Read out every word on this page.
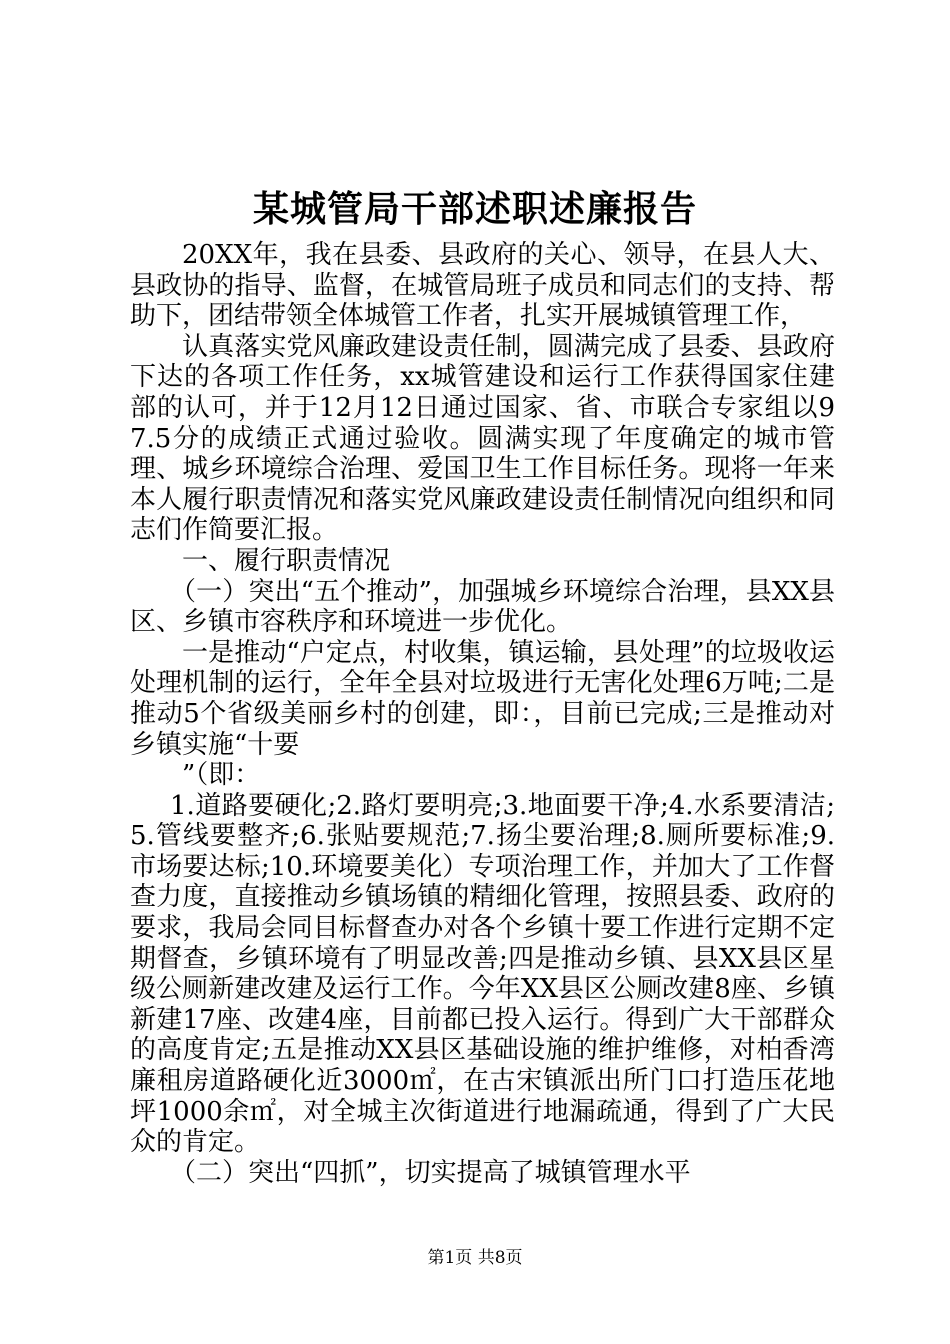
某城管局干部述职述廉报告

20XX年，我在县委、县政府的关心、领导，在县人大、县政协的指导、监督，在城管局班子成员和同志们的支持、帮助下，团结带领全体城管工作者，扎实开展城镇管理工作，

认真落实党风廉政建设责任制，圆满完成了县委、县政府下达的各项工作任务，xx城管建设和运行工作获得国家住建部的认可，并于12月12日通过国家、省、市联合专家组以97.5分的成绩正式通过验收。圆满实现了年度确定的城市管理、城乡环境综合治理、爱国卫生工作目标任务。现将一年来本人履行职责情况和落实党风廉政建设责任制情况向组织和同志们作简要汇报。

一、履行职责情况

（一）突出“五个推动”，加强城乡环境综合治理，县XX县区、乡镇市容秩序和环境进一步优化。

一是推动“户定点，村收集，镇运输，县处理”的垃圾收运处理机制的运行，全年全县对垃圾进行无害化处理6万吨;二是推动5个省级美丽乡村的创建，即：，目前已完成;三是推动对乡镇实施“十要

”（即：

1.道路要硬化;2.路灯要明亮;3.地面要干净;4.水系要清洁;5.管线要整齐;6.张贴要规范;7.扬尘要治理;8.厕所要标准;9.市场要达标;10.环境要美化）专项治理工作，并加大了工作督查力度，直接推动乡镇场镇的精细化管理，按照县委、政府的要求，我局会同目标督查办对各个乡镇十要工作进行定期不定期督查，乡镇环境有了明显改善;四是推动乡镇、县XX县区星级公厕新建改建及运行工作。今年XX县区公厕改建8座、乡镇新建17座、改建4座，目前都已投入运行。得到广大干部群众的高度肯定;五是推动XX县区基础设施的维护维修，对柏香湾廉租房道路硬化近3000㎡，在古宋镇派出所门口打造压花地坪1000余㎡，对全城主次街道进行地漏疏通，得到了广大民众的肯定。

（二）突出“四抓”，切实提高了城镇管理水平

第1页 共8页
